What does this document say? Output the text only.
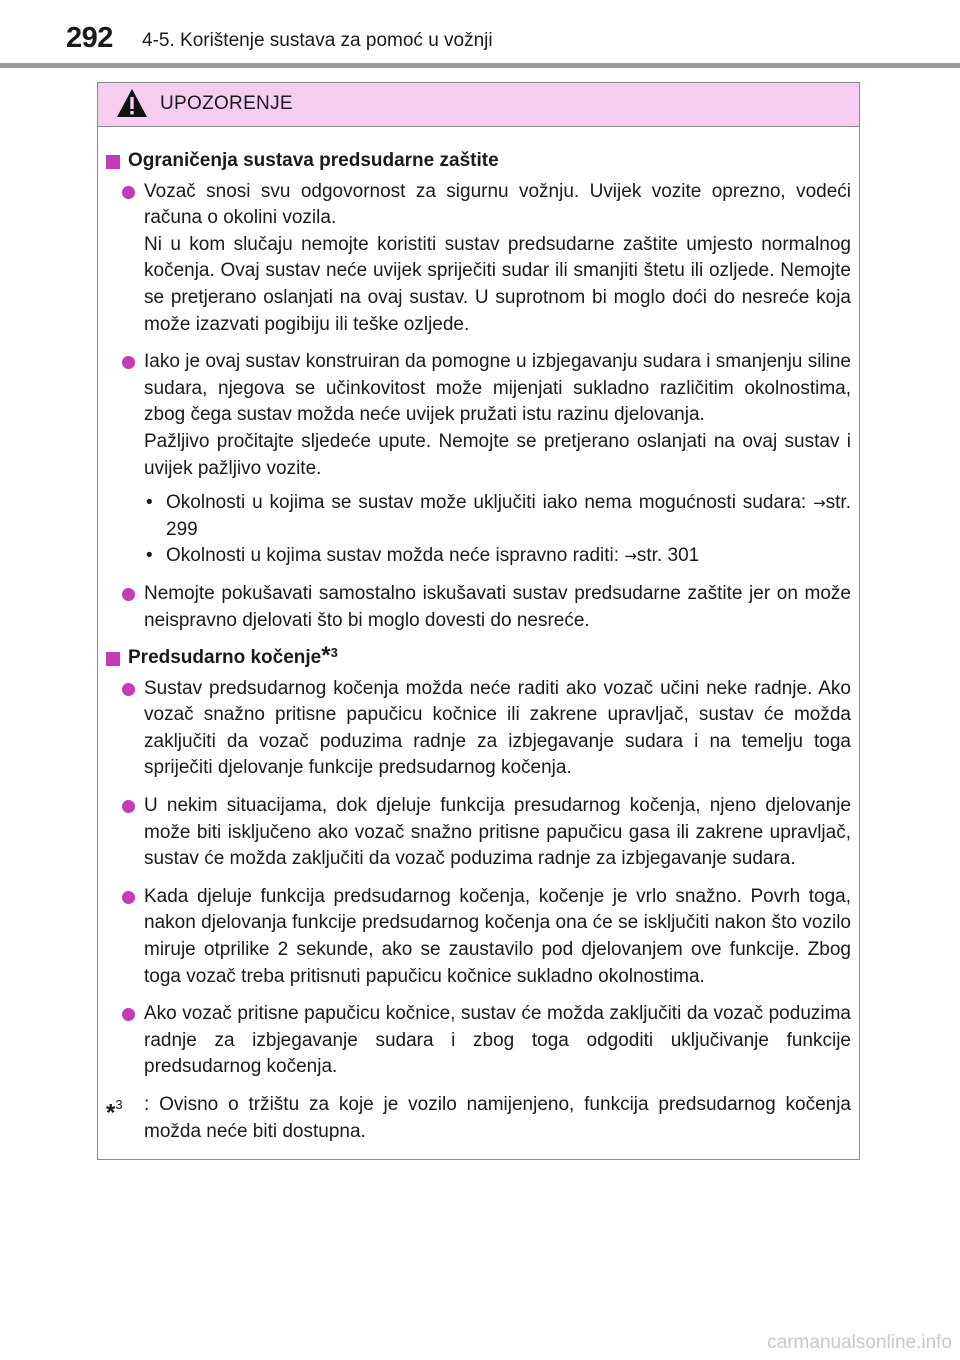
292 4-5. Korištenje sustava za pomoć u vožnji
UPOZORENJE
Ograničenja sustava predsudarne zaštite
Vozač snosi svu odgovornost za sigurnu vožnju. Uvijek vozite oprezno, vodeći računa o okolini vozila.
Ni u kom slučaju nemojte koristiti sustav predsudarne zaštite umjesto normalnog kočenja. Ovaj sustav neće uvijek spriječiti sudar ili smanjiti štetu ili ozljede. Nemojte se pretjerano oslanjati na ovaj sustav. U suprotnom bi moglo doći do nesreće koja može izazvati pogibiju ili teške ozljede.
Iako je ovaj sustav konstruiran da pomogne u izbjegavanju sudara i smanjenju siline sudara, njegova se učinkovitost može mijenjati sukladno različitim okolnostima, zbog čega sustav možda neće uvijek pružati istu razinu djelovanja.
Pažljivo pročitajte sljedeće upute. Nemojte se pretjerano oslanjati na ovaj sustav i uvijek pažljivo vozite.
• Okolnosti u kojima se sustav može uključiti iako nema mogućnosti sudara: →str. 299
• Okolnosti u kojima sustav možda neće ispravno raditi: →str. 301
Nemojte pokušavati samostalno iskušavati sustav predsudarne zaštite jer on može neispravno djelovati što bi moglo dovesti do nesreće.
Predsudarno kočenje*$^3$
Sustav predsudarnog kočenja možda neće raditi ako vozač učini neke radnje. Ako vozač snažno pritisne papučicu kočnice ili zakrene upravljač, sustav će možda zaključiti da vozač poduzima radnje za izbjegavanje sudara i na temelju toga spriječiti djelovanje funkcije predsudarnog kočenja.
U nekim situacijama, dok djeluje funkcija presudarnog kočenja, njeno djelovanje može biti isključeno ako vozač snažno pritisne papučicu gasa ili zakrene upravljač, sustav će možda zaključiti da vozač poduzima radnje za izbjegavanje sudara.
Kada djeluje funkcija predsudarnog kočenja, kočenje je vrlo snažno. Povrh toga, nakon djelovanja funkcije predsudarnog kočenja ona će se isključiti nakon što vozilo miruje otprilike 2 sekunde, ako se zaustavilo pod djelovanjem ove funkcije. Zbog toga vozač treba pritisnuti papučicu kočnice sukladno okolnostima.
Ako vozač pritisne papučicu kočnice, sustav će možda zaključiti da vozač poduzima radnje za izbjegavanje sudara i zbog toga odgoditi uključivanje funkcije predsudarnog kočenja.
*$^3$ : Ovisno o tržištu za koje je vozilo namijenjeno, funkcija predsudarnog kočenja možda neće biti dostupna.
carmanualsonline.info
